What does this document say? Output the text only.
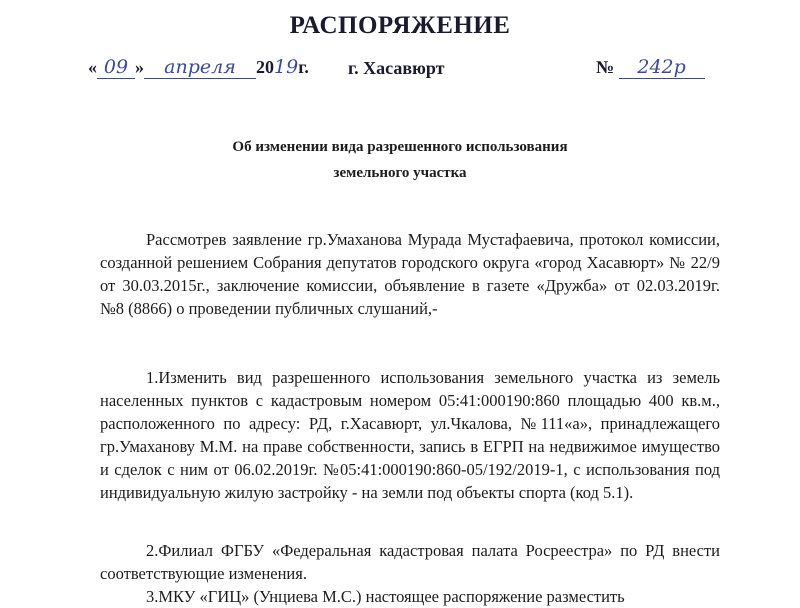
РАСПОРЯЖЕНИЕ
« 09 » апреля 2019г. г. Хасавюрт	№ 242р
Об изменении вида разрешенного использования
земельного участка

Рассмотрев заявление гр.Умаханова Мурада Мустафаевича, протокол комиссии, созданной решением Собрания депутатов городского округа «город Хасавюрт» № 22/9 от 30.03.2015г., заключение комиссии, объявление в газете «Дружба» от 02.03.2019г. №8 (8866) о проведении публичных слушаний,-

1.Изменить вид разрешенного использования земельного участка из земель населенных пунктов с кадастровым номером 05:41:000190:860 площадью 400 кв.м., расположенного по адресу: РД, г.Хасавюрт, ул.Чкалова, №111«а», принадлежащего гр.Умаханову М.М. на праве собственности, запись в ЕГРП на недвижимое имущество и сделок с ним от 06.02.2019г. №05:41:000190:860-05/192/2019-1, с использования под индивидуальную жилую застройку - на земли под объекты спорта (код 5.1).

2.Филиал ФГБУ «Федеральная кадастровая палата Росреестра» по РД внести соответствующие изменения.

3.МКУ «ГИЦ» (Унциева М.С.) настоящее распоряжение разместить
